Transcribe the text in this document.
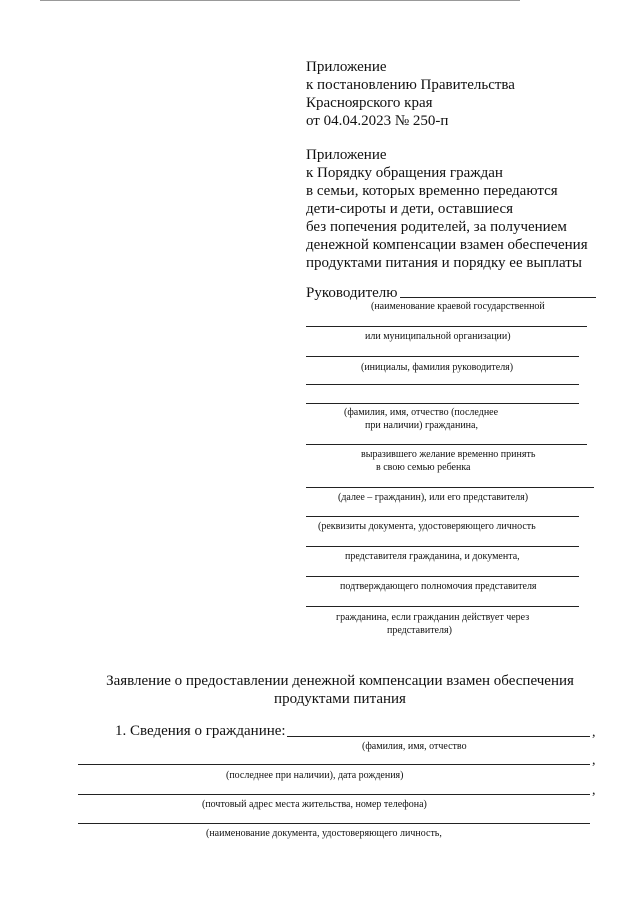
Приложение
к постановлению Правительства
Красноярского края
от 04.04.2023 № 250-п
Приложение
к Порядку обращения граждан
в семьи, которых временно передаются
дети-сироты и дети, оставшиеся
без попечения родителей, за получением
денежной компенсации взамен обеспечения
продуктами питания и порядку ее выплаты
Руководителю
(наименование краевой государственной
или муниципальной организации)
(инициалы, фамилия руководителя)
(фамилия, имя, отчество (последнее
при наличии) гражданина,
выразившего желание временно принять
в свою семью ребенка
(далее – гражданин), или его представителя)
(реквизиты документа, удостоверяющего личность
представителя гражданина, и документа,
подтверждающего полномочия представителя
гражданина, если гражданин действует через
представителя)
Заявление о предоставлении денежной компенсации взамен обеспечения
продуктами питания
1. Сведения о гражданине:	,
(фамилия, имя, отчество
,
(последнее при наличии), дата рождения)
,
(почтовый адрес места жительства, номер телефона)
(наименование документа, удостоверяющего личность,
